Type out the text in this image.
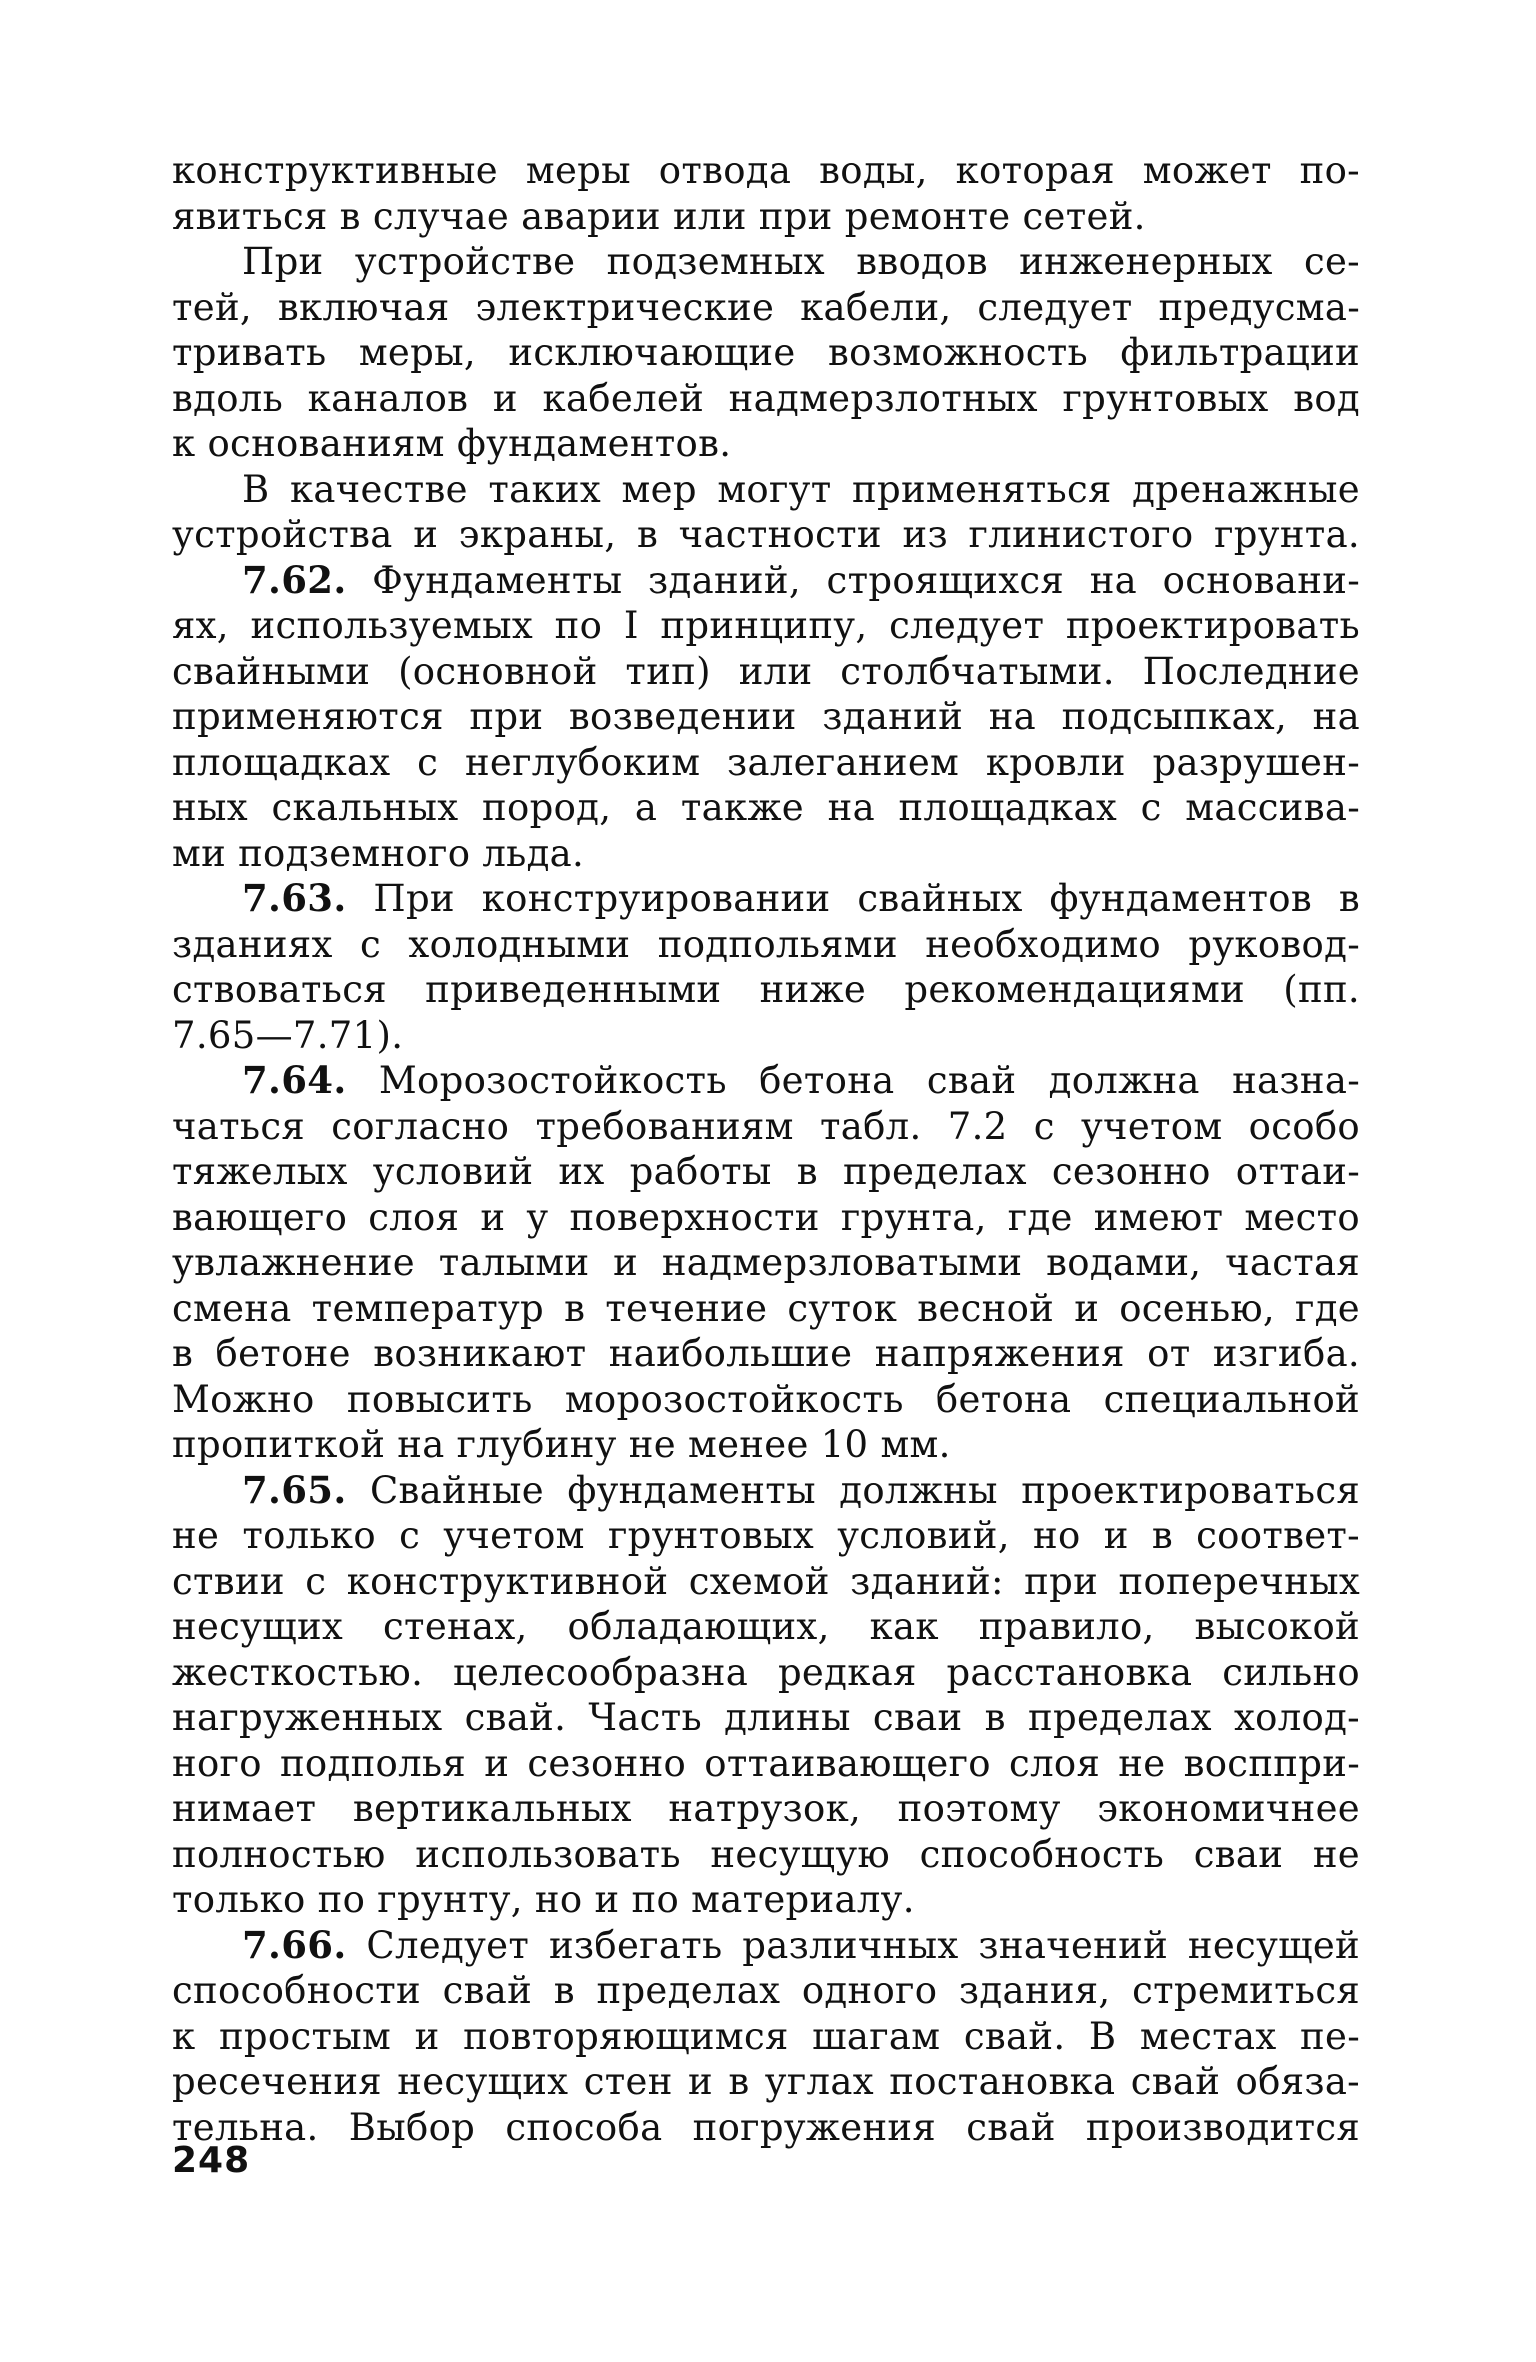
конструктивные меры отвода воды, которая может по-
явиться в случае аварии или при ремонте сетей.
При устройстве подземных вводов инженерных се-
тей, включая электрические кабели, следует предусма-
тривать меры, исключающие возможность фильтрации
вдоль каналов и кабелей надмерзлотных грунтовых вод
к основаниям фундаментов.
В качестве таких мер могут применяться дренажные
устройства и экраны, в частности из глинистого грунта.
7.62. Фундаменты зданий, строящихся на основани-
ях, используемых по I принципу, следует проектировать
свайными (основной тип) или столбчатыми. Последние
применяются при возведении зданий на подсыпках, на
площадках с неглубоким залеганием кровли разрушен-
ных скальных пород, а также на площадках с массива-
ми подземного льда.
7.63. При конструировании свайных фундаментов в
зданиях с холодными подпольями необходимо руковод-
ствоваться приведенными ниже рекомендациями (пп.
7.65—7.71).
7.64. Морозостойкость бетона свай должна назна-
чаться согласно требованиям табл. 7.2 с учетом особо
тяжелых условий их работы в пределах сезонно оттаи-
вающего слоя и у поверхности грунта, где имеют место
увлажнение талыми и надмерзловатыми водами, частая
смена температур в течение суток весной и осенью, где
в бетоне возникают наибольшие напряжения от изгиба.
Можно повысить морозостойкость бетона специальной
пропиткой на глубину не менее 10 мм.
7.65. Свайные фундаменты должны проектироваться
не только с учетом грунтовых условий, но и в соответ-
ствии с конструктивной схемой зданий: при поперечных
несущих стенах, обладающих, как правило, высокой
жесткостью. целесообразна редкая расстановка сильно
нагруженных свай. Часть длины сваи в пределах холод-
ного подполья и сезонно оттаивающего слоя не восппри-
нимает вертикальных натрузок, поэтому экономичнее
полностью использовать несущую способность сваи не
только по грунту, но и по материалу.
7.66. Следует избегать различных значений несущей
способности свай в пределах одного здания, стремиться
к простым и повторяющимся шагам свай. В местах пе-
ресечения несущих стен и в углах постановка свай обяза-
тельна. Выбор способа погружения свай производится
248
